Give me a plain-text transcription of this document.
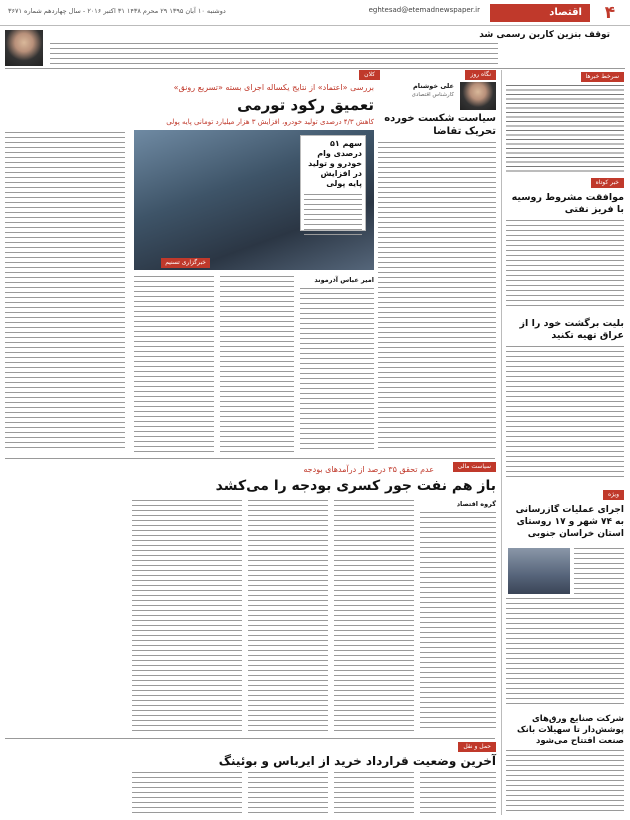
۴
اقتصاد
eghtesad@etemadnewspaper.ir
دوشنبه ۱۰ آبان ۱۳۹۵ ۲۹ محرم ۱۴۳۸ ۳۱ اکتبر ۲۰۱۶ - سال چهاردهم شماره ۳۶۷۱
توقف بنزین کاربن رسمی شد
سرخط خبرها
خبر کوتاه
موافقت مشروط روسیه با فریز نفتی
بليت برگشت خود را از عراق تهيه تكنيد
ویژه
اجرای عملیات گازرسانی به ۷۴ شهر و ۱۷ روستای استان خراسان جنوبی
شرکت صنایع ورق‌های پوشش‌دار تا سهیلات بانک صنعت افتتاح می‌شود
نگاه روز
علی خوشنام
کارشناس اقتصادی
سیاست شکست خورده تحریک تقاضا
کلان
بررسی «اعتماد» از نتایج یکساله اجرای بسته «تسریع رونق»
تعمیق رکود تورمی
کاهش ۴/۳ درصدی تولید خودرو، افزایش ۳ هزار میلیارد تومانی پایه پولی
خبرگزاری تسنیم
سهم ۵۱ درصدی وام خودرو و تولید در افزایش پایه پولی
امیر عباس آذرموند
سیاست مالی
عدم تحقق ۳۵ درصد از درآمدهای بودجه
باز هم نفت جور کسری بودجه را می‌کشد
گروه اقتصاد
حمل و نقل
آخرین وضعیت قرارداد خرید از ایرباس و بوئینگ
